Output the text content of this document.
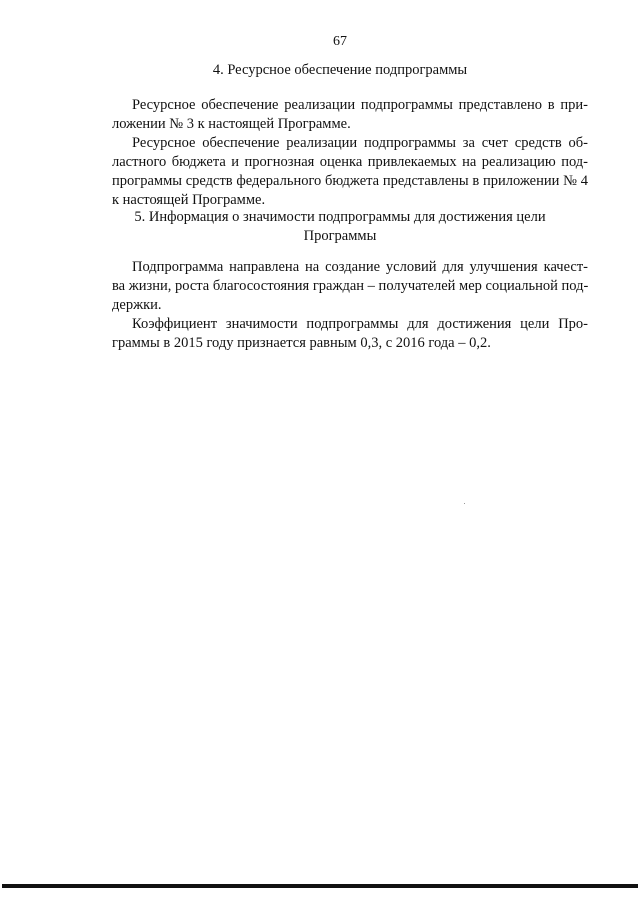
67
4. Ресурсное обеспечение подпрограммы

Ресурсное обеспечение реализации подпрограммы представлено в при-
ложении № 3 к настоящей Программе.

Ресурсное обеспечение реализации подпрограммы за счет средств об-
ластного бюджета и прогнозная оценка привлекаемых на реализацию под-
программы средств федерального бюджета представлены в приложении № 4
к настоящей Программе.

5. Информация о значимости подпрограммы для достижения цели
Программы

Подпрограмма направлена на создание условий для улучшения качест-
ва жизни, роста благосостояния граждан – получателей мер социальной под-
держки.

Коэффициент значимости подпрограммы для достижения цели Про-
граммы в 2015 году признается равным 0,3, с 2016 года – 0,2.
